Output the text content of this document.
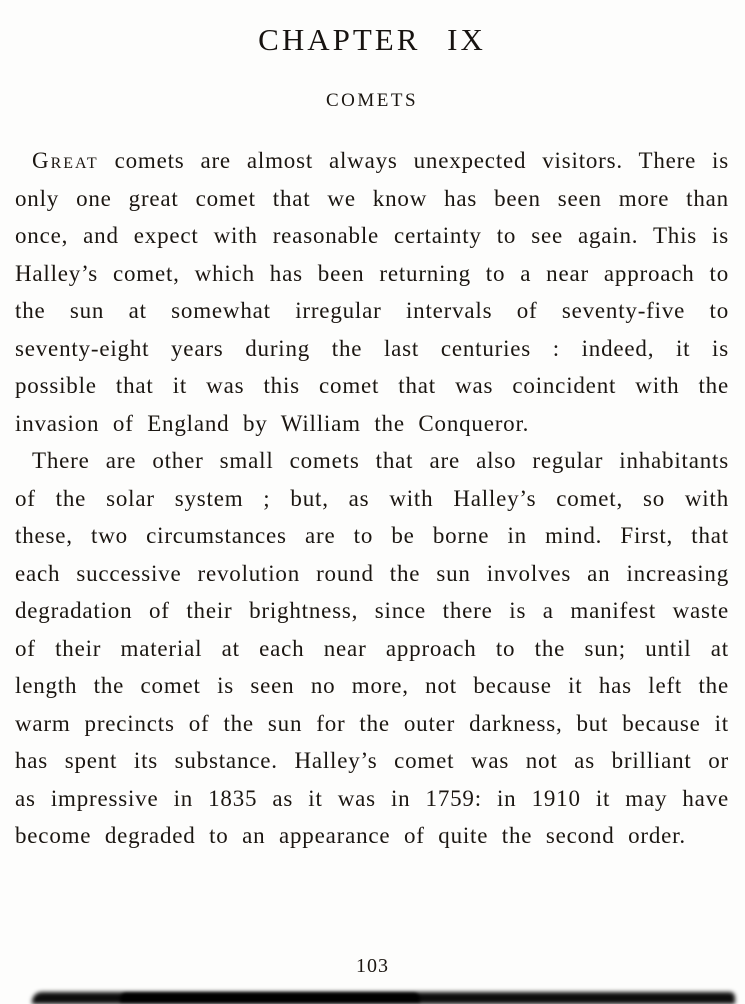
CHAPTER IX
COMETS

Great comets are almost always unexpected visitors. There is only one great comet that we know has been seen more than once, and expect with reasonable certainty to see again. This is Halley’s comet, which has been returning to a near approach to the sun at somewhat irregular intervals of seventy-five to seventy-eight years during the last centuries : indeed, it is possible that it was this comet that was coincident with the invasion of England by William the Conqueror.

There are other small comets that are also regular inhabitants of the solar system ; but, as with Halley’s comet, so with these, two circumstances are to be borne in mind. First, that each successive revolution round the sun involves an increasing degradation of their brightness, since there is a manifest waste of their material at each near approach to the sun; until at length the comet is seen no more, not because it has left the warm precincts of the sun for the outer darkness, but because it has spent its substance. Halley’s comet was not as brilliant or as impressive in 1835 as it was in 1759: in 1910 it may have become degraded to an appearance of quite the second order.

103
